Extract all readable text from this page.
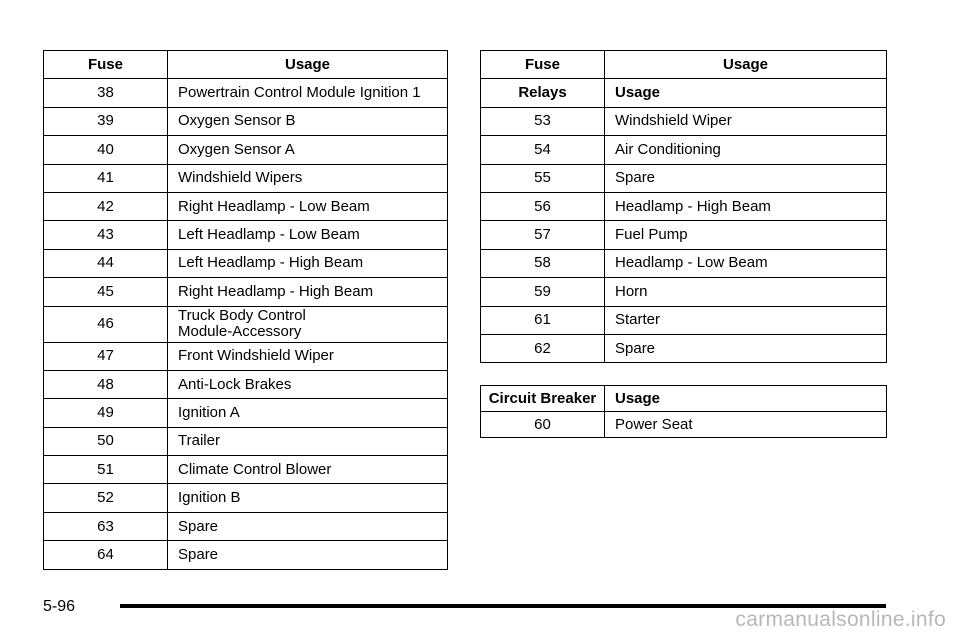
Fuse	Usage
38	Powertrain Control Module Ignition 1
39	Oxygen Sensor B
40	Oxygen Sensor A
41	Windshield Wipers
42	Right Headlamp - Low Beam
43	Left Headlamp - Low Beam
44	Left Headlamp - High Beam
45	Right Headlamp - High Beam
46	Truck Body Control Module-Accessory
47	Front Windshield Wiper
48	Anti-Lock Brakes
49	Ignition A
50	Trailer
51	Climate Control Blower
52	Ignition B
63	Spare
64	Spare
Fuse	Usage
Relays	Usage
53	Windshield Wiper
54	Air Conditioning
55	Spare
56	Headlamp - High Beam
57	Fuel Pump
58	Headlamp - Low Beam
59	Horn
61	Starter
62	Spare
Circuit Breaker	Usage
60	Power Seat
5-96
carmanualsonline.info
